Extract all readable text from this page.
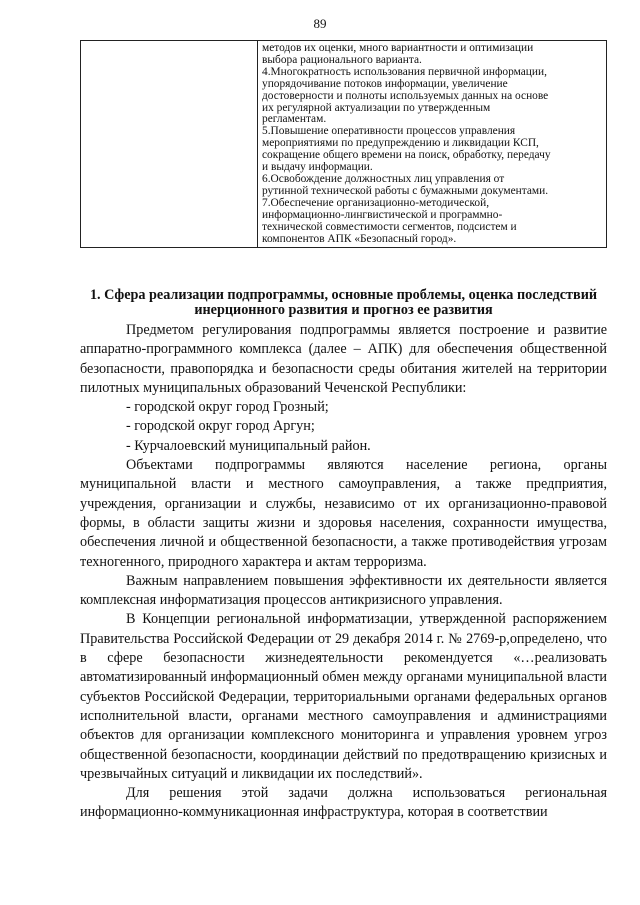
89

методов их оценки, много вариантности и оптимизации

выбора рационального варианта.

4.Многократность использования первичной информации,

упорядочивание потоков информации, увеличение

достоверности и полноты используемых данных на основе

их регулярной актуализации по утвержденным

регламентам.

5.Повышение оперативности процессов управления

мероприятиями по предупреждению и ликвидации КСП,

сокращение общего времени на поиск, обработку, передачу

и выдачу информации.

6.Освобождение должностных лиц управления от

рутинной технической работы с бумажными документами.

7.Обеспечение организационно-методической,

информационно-лингвистической и программно-

технической совместимости сегментов, подсистем и

компонентов АПК «Безопасный город».

1. Сфера реализации подпрограммы, основные проблемы, оценка последствий инерционного развития и прогноз ее развития

Предметом регулирования подпрограммы является построение и развитие аппаратно-программного комплекса (далее – АПК) для обеспечения общественной безопасности, правопорядка и безопасности среды обитания жителей на территории пилотных муниципальных образований Чеченской Республики:

- городской округ город Грозный;

- городской округ город Аргун;

- Курчалоевский муниципальный район.

Объектами подпрограммы являются население региона, органы муниципальной власти и местного самоуправления, а также предприятия, учреждения, организации и службы, независимо от их организационно-правовой формы, в области защиты жизни и здоровья населения, сохранности имущества, обеспечения личной и общественной безопасности, а также противодействия угрозам техногенного, природного характера и актам терроризма.

Важным направлением повышения эффективности их деятельности является комплексная информатизация процессов антикризисного управления.

В Концепции региональной информатизации, утвержденной распоряжением Правительства Российской Федерации от 29 декабря 2014 г. № 2769-р,определено, что в сфере безопасности жизнедеятельности рекомендуется «…реализовать автоматизированный информационный обмен между органами муниципальной власти субъектов Российской Федерации, территориальными органами федеральных органов исполнительной власти, органами местного самоуправления и администрациями объектов для организации комплексного мониторинга и управления уровнем угроз общественной безопасности, координации действий по предотвращению кризисных и чрезвычайных ситуаций и ликвидации их последствий».

Для решения этой задачи должна использоваться региональная информационно-коммуникационная инфраструктура, которая в соответствии
